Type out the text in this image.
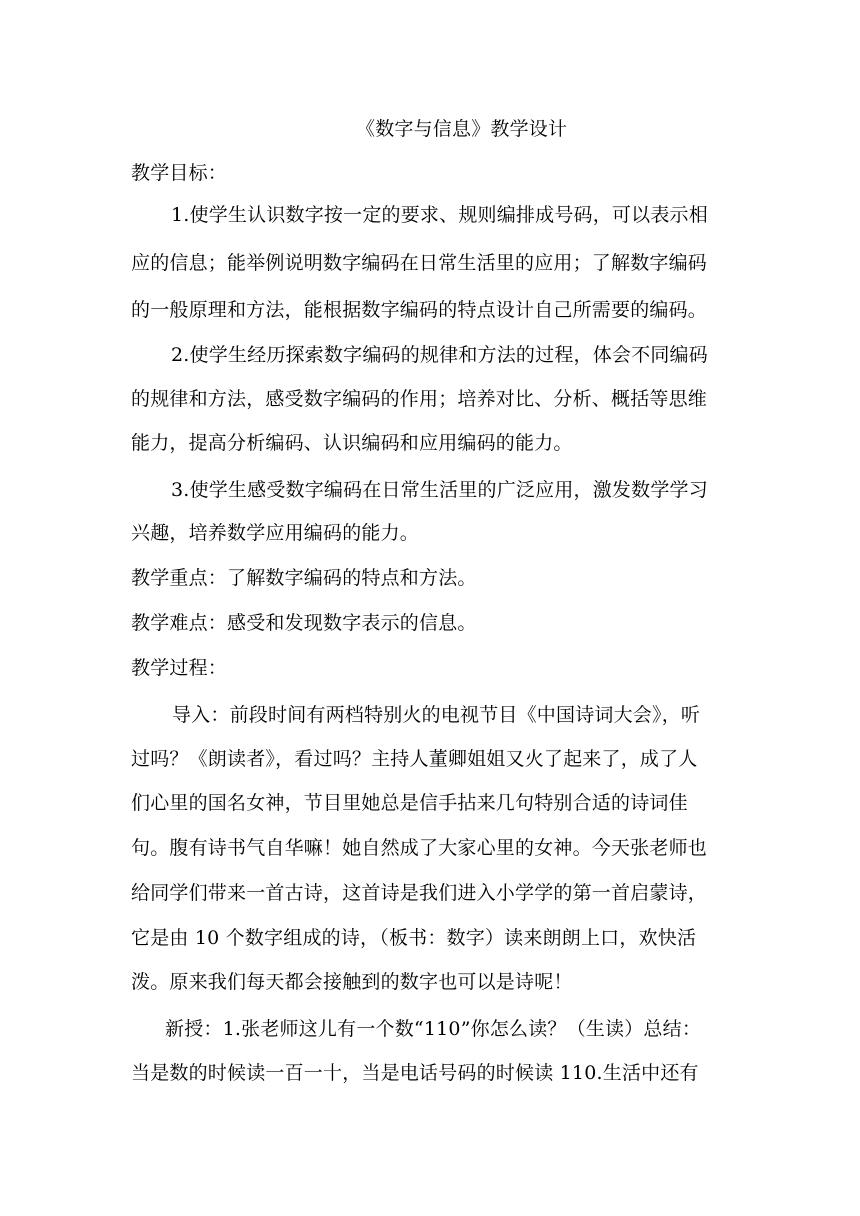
《数字与信息》教学设计
教学目标：
1.使学生认识数字按一定的要求、规则编排成号码，可以表示相
应的信息；能举例说明数字编码在日常生活里的应用；了解数字编码
的一般原理和方法，能根据数字编码的特点设计自己所需要的编码。
2.使学生经历探索数字编码的规律和方法的过程，体会不同编码
的规律和方法，感受数字编码的作用；培养对比、分析、概括等思维
能力，提高分析编码、认识编码和应用编码的能力。
3.使学生感受数字编码在日常生活里的广泛应用，激发数学学习
兴趣，培养数学应用编码的能力。
教学重点：了解数字编码的特点和方法。
教学难点：感受和发现数字表示的信息。
教学过程：
导入：前段时间有两档特别火的电视节目《中国诗词大会》，听
过吗？《朗读者》，看过吗？主持人董卿姐姐又火了起来了，成了人
们心里的国名女神，节目里她总是信手拈来几句特别合适的诗词佳
句。腹有诗书气自华嘛！她自然成了大家心里的女神。今天张老师也
给同学们带来一首古诗，这首诗是我们进入小学学的第一首启蒙诗，
它是由 10 个数字组成的诗，（板书：数字）读来朗朗上口，欢快活
泼。原来我们每天都会接触到的数字也可以是诗呢！
新授：1.张老师这儿有一个数“110”你怎么读？（生读）总结：
当是数的时候读一百一十，当是电话号码的时候读 110.生活中还有
